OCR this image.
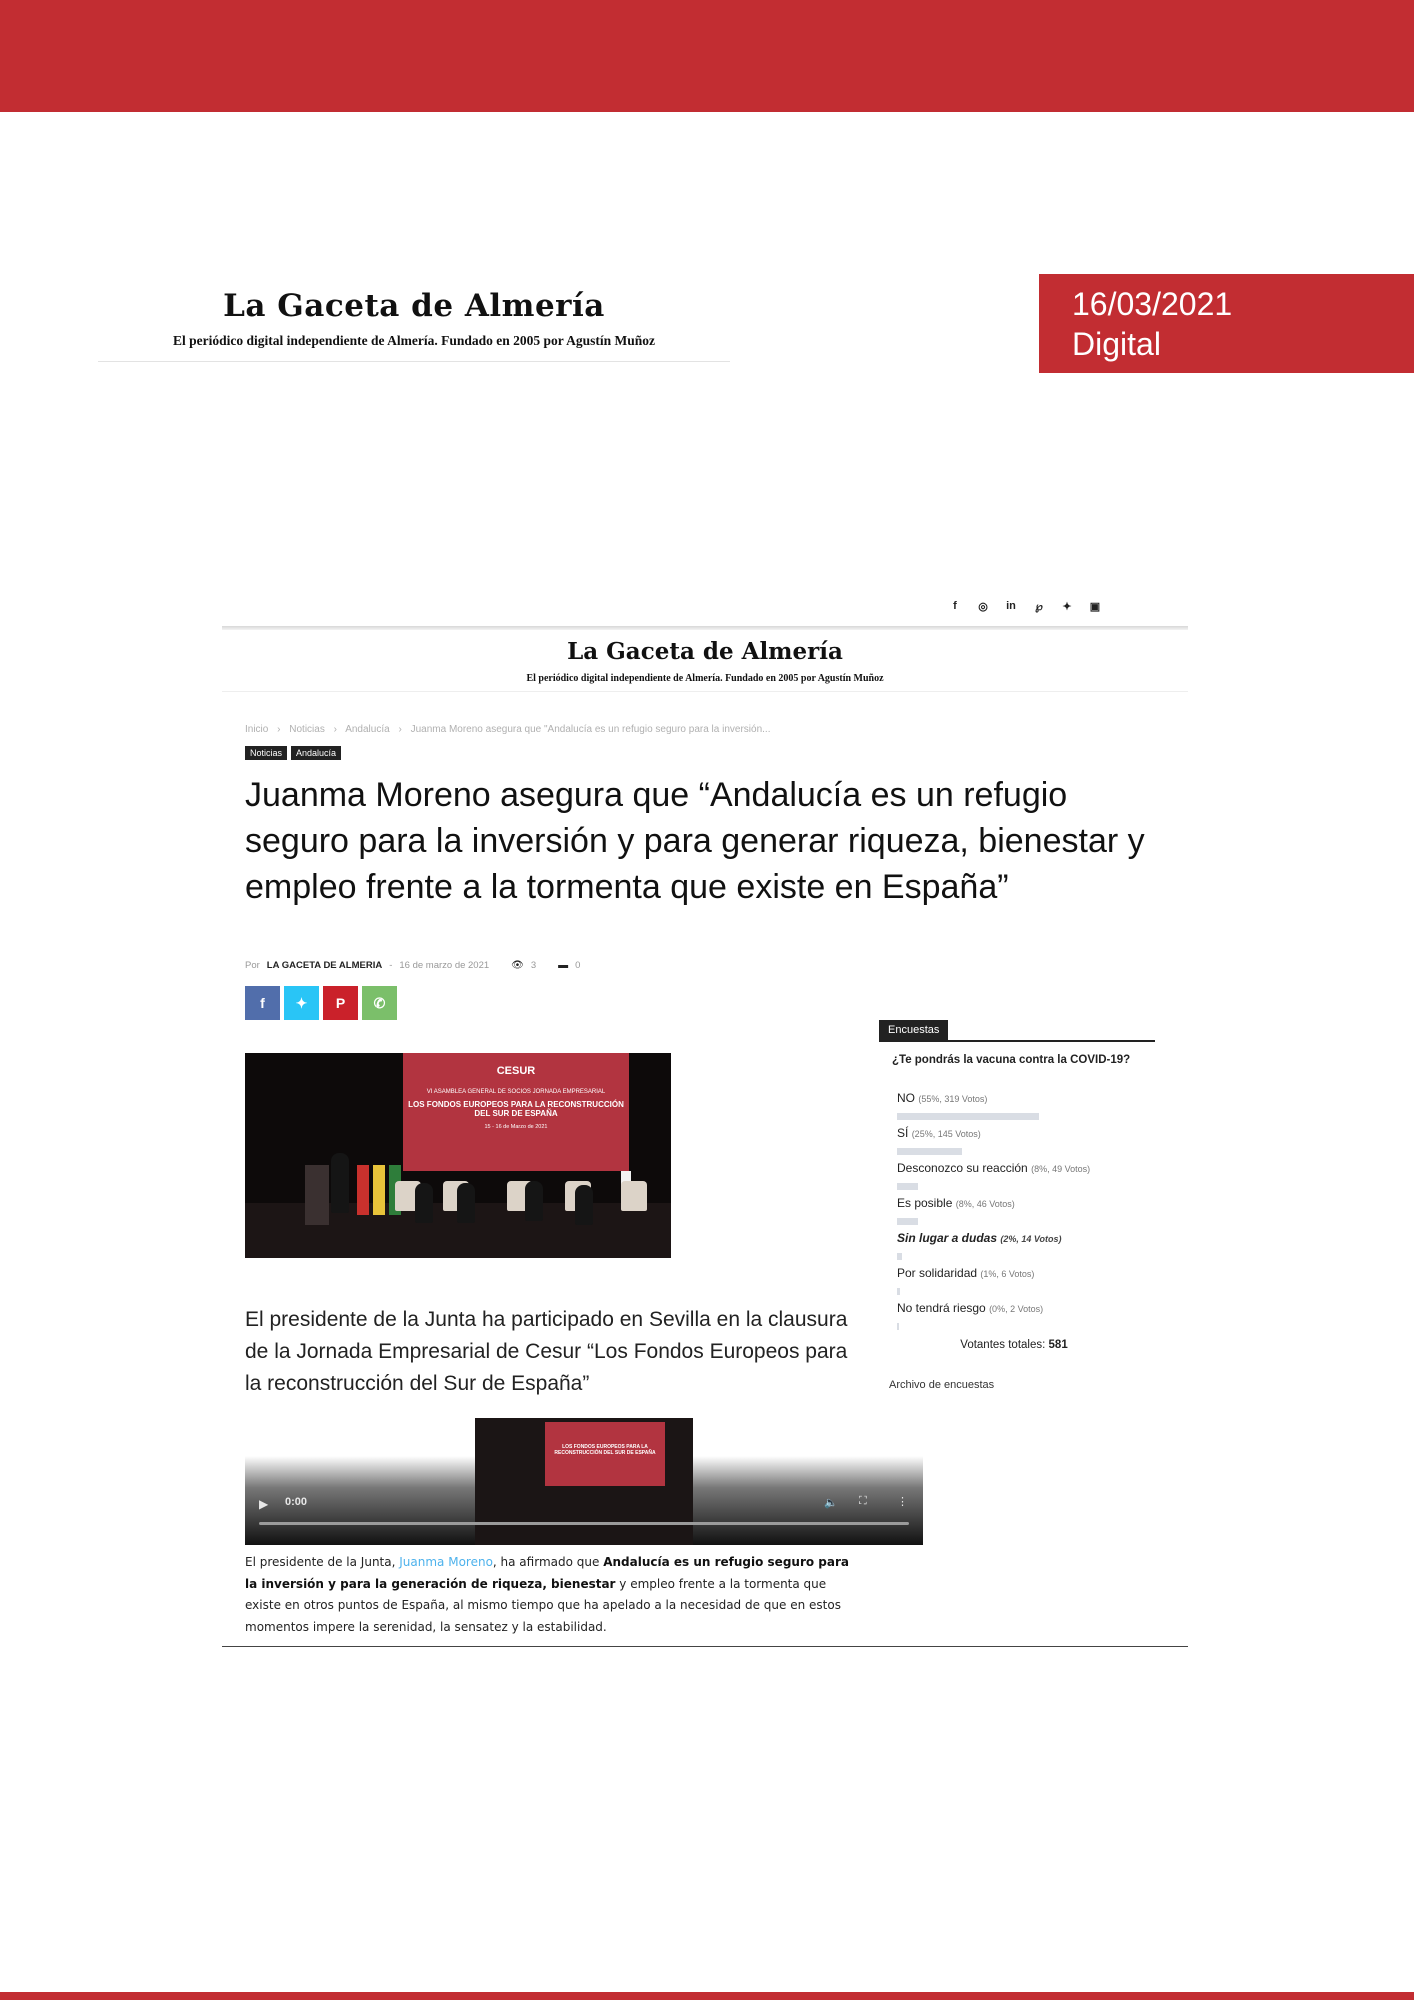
La Gaceta de Almería
El periódico digital independiente de Almería. Fundado en 2005 por Agustín Muñoz
16/03/2021
Digital
f	◎ in ℘ ✦ ▣
La Gaceta de Almería
El periódico digital independiente de Almería. Fundado en 2005 por Agustín Muñoz
Inicio › Noticias › Andalucía › Juanma Moreno asegura que "Andalucía es un refugio seguro para la inversión...
Noticias	Andalucía
Juanma Moreno asegura que “Andalucía es un refugio seguro para la inversión y para generar riqueza, bienestar y empleo frente a la tormenta que existe en España”
Por LA GACETA DE ALMERIA - 16 de marzo de 2021 👁 3 ▬ 0
f ✦ P ✆
CESUR
VI ASAMBLEA GENERAL DE SOCIOS JORNADA EMPRESARIAL
LOS FONDOS EUROPEOS PARA LA RECONSTRUCCIÓN DEL SUR DE ESPAÑA
15 - 16 de Marzo de 2021

El presidente de la Junta ha participado en Sevilla en la clausura de la Jornada Empresarial de Cesur “Los Fondos Europeos para la reconstrucción del Sur de España”

LOS FONDOS EUROPEOS PARA LA RECONSTRUCCIÓN DEL SUR DE ESPAÑA
▶ 0:00	🔈 ⛶	⋮

El presidente de la Junta, Juanma Moreno, ha afirmado que Andalucía es un refugio seguro para la inversión y para la generación de riqueza, bienestar y empleo frente a la tormenta que existe en otros puntos de España, al mismo tiempo que ha apelado a la necesidad de que en estos momentos impere la serenidad, la sensatez y la estabilidad.

Encuestas
¿Te pondrás la vacuna contra la COVID-19?
NO (55%, 319 Votos)
SÍ (25%, 145 Votos)
Desconozco su reacción (8%, 49 Votos)
Es posible (8%, 46 Votos)
Sin lugar a dudas (2%, 14 Votos)
Por solidaridad (1%, 6 Votos)
No tendrá riesgo (0%, 2 Votos)
Votantes totales: 581
Archivo de encuestas
